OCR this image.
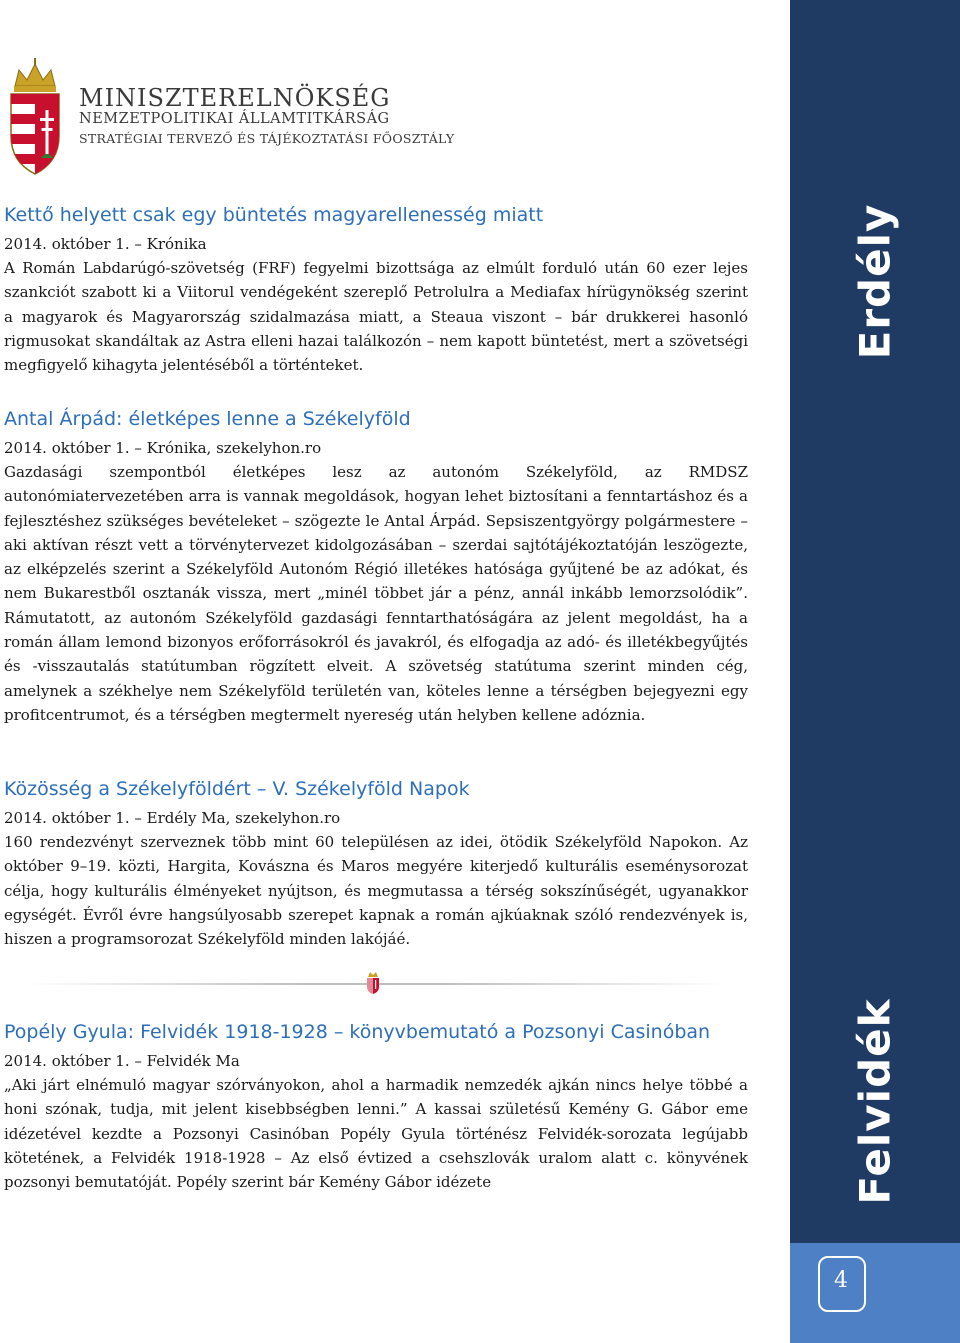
Erdély
Felvidék
4
MINISZTERELNÖKSÉG
NEMZETPOLITIKAI ÁLLAMTITKÁRSÁG
STRATÉGIAI TERVEZŐ ÉS TÁJÉKOZTATÁSI FŐOSZTÁLY
Kettő helyett csak egy büntetés magyarellenesség miatt
2014. október 1. – Krónika
A Román Labdarúgó-szövetség (FRF) fegyelmi bizottsága az elmúlt forduló után 60 ezer lejes szankciót szabott ki a Viitorul vendégeként szereplő Petrolulra a Mediafax hírügynökség szerint a magyarok és Magyarország szidalmazása miatt, a Steaua viszont – bár drukkerei hasonló rigmusokat skandáltak az Astra elleni hazai találkozón – nem kapott büntetést, mert a szövetségi megfigyelő kihagyta jelentéséből a történteket.
Antal Árpád: életképes lenne a Székelyföld
2014. október 1. – Krónika, szekelyhon.ro
Gazdasági szempontból életképes lesz az autonóm Székelyföld, az RMDSZ autonómiatervezetében arra is vannak megoldások, hogyan lehet biztosítani a fenntartáshoz és a fejlesztéshez szükséges bevételeket – szögezte le Antal Árpád. Sepsiszentgyörgy polgármestere – aki aktívan részt vett a törvénytervezet kidolgozásában – szerdai sajtótájékoztatóján leszögezte, az elképzelés szerint a Székelyföld Autonóm Régió illetékes hatósága gyűjtené be az adókat, és nem Bukarestből osztanák vissza, mert „minél többet jár a pénz, annál inkább lemorzsolódik”. Rámutatott, az autonóm Székelyföld gazdasági fenntarthatóságára az jelent megoldást, ha a román állam lemond bizonyos erőforrásokról és javakról, és elfogadja az adó- és illetékbegyűjtés és -visszautalás statútumban rögzített elveit. A szövetség statútuma szerint minden cég, amelynek a székhelye nem Székelyföld területén van, köteles lenne a térségben bejegyezni egy profitcentrumot, és a térségben megtermelt nyereség után helyben kellene adóznia.
Közösség a Székelyföldért – V. Székelyföld Napok
2014. október 1. – Erdély Ma, szekelyhon.ro
160 rendezvényt szerveznek több mint 60 településen az idei, ötödik Székelyföld Napokon. Az október 9–19. közti, Hargita, Kovászna és Maros megyére kiterjedő kulturális eseménysorozat célja, hogy kulturális élményeket nyújtson, és megmutassa a térség sokszínűségét, ugyanakkor egységét. Évről évre hangsúlyosabb szerepet kapnak a román ajkúaknak szóló rendezvények is, hiszen a programsorozat Székelyföld minden lakójáé.
Popély Gyula: Felvidék 1918-1928 – könyvbemutató a Pozsonyi Casinóban
2014. október 1. – Felvidék Ma
„Aki járt elnémuló magyar szórványokon, ahol a harmadik nemzedék ajkán nincs helye többé a honi szónak, tudja, mit jelent kisebbségben lenni.” A kassai születésű Kemény G. Gábor eme idézetével kezdte a Pozsonyi Casinóban Popély Gyula történész Felvidék-sorozata legújabb kötetének, a Felvidék 1918-1928 – Az első évtized a csehszlovák uralom alatt c. könyvének pozsonyi bemutatóját. Popély szerint bár Kemény Gábor idézete
